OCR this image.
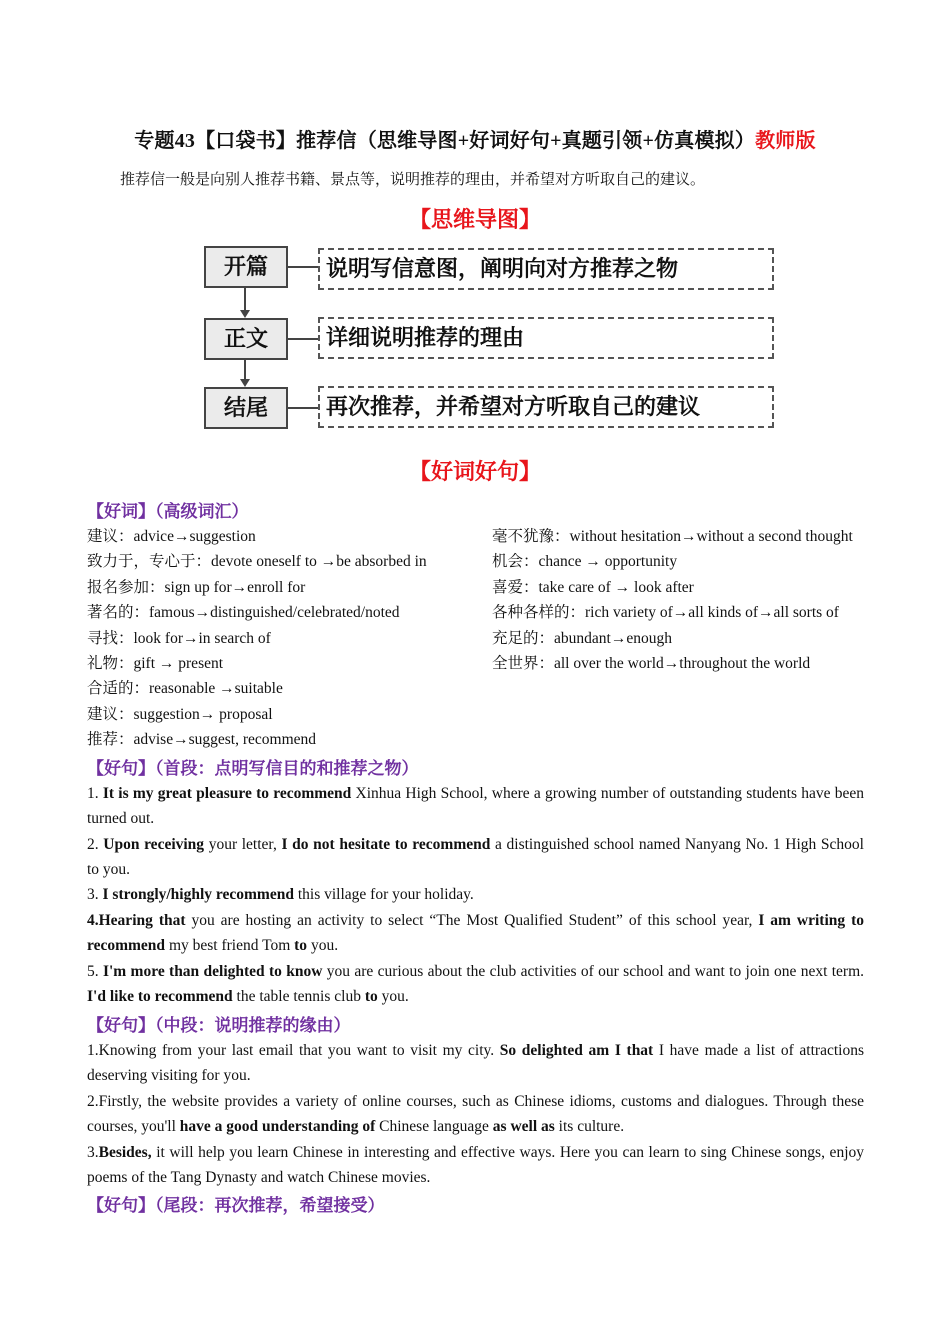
专题43【口袋书】推荐信（思维导图+好词好句+真题引领+仿真模拟）教师版
推荐信一般是向别人推荐书籍、景点等，说明推荐的理由，并希望对方听取自己的建议。
【思维导图】
开篇	说明写信意图，阐明向对方推荐之物
正文	详细说明推荐的理由
结尾	再次推荐，并希望对方听取自己的建议
【好词好句】
【好词】（高级词汇）
建议：advice→suggestion
致力于，专心于：devote oneself to →be absorbed in
报名参加：sign up for→enroll for
著名的：famous→distinguished/celebrated/noted
寻找：look for→in search of
礼物：gift → present
合适的：reasonable →suitable
建议：suggestion→ proposal
推荐：advise→suggest, recommend
毫不犹豫：without hesitation→without a second thought
机会：chance → opportunity
喜爱：take care of → look after
各种各样的：rich variety of→all kinds of→all sorts of
充足的：abundant→enough
全世界：all over the world→throughout the world
【好句】（首段：点明写信目的和推荐之物）
1. It is my great pleasure to recommend Xinhua High School, where a growing number of outstanding students have been turned out.
2. Upon receiving your letter, I do not hesitate to recommend a distinguished school named Nanyang No. 1 High School to you.
3. I strongly/highly recommend this village for your holiday.
4.Hearing that you are hosting an activity to select “The Most Qualified Student” of this school year, I am writing to recommend my best friend Tom to you.
5. I'm more than delighted to know you are curious about the club activities of our school and want to join one next term. I'd like to recommend the table tennis club to you.
【好句】（中段：说明推荐的缘由）
1.Knowing from your last email that you want to visit my city. So delighted am I that I have made a list of attractions deserving visiting for you.
2.Firstly, the website provides a variety of online courses, such as Chinese idioms, customs and dialogues. Through these courses, you'll have a good understanding of Chinese language as well as its culture.
3.Besides, it will help you learn Chinese in interesting and effective ways. Here you can learn to sing Chinese songs, enjoy poems of the Tang Dynasty and watch Chinese movies.
【好句】（尾段：再次推荐，希望接受）
